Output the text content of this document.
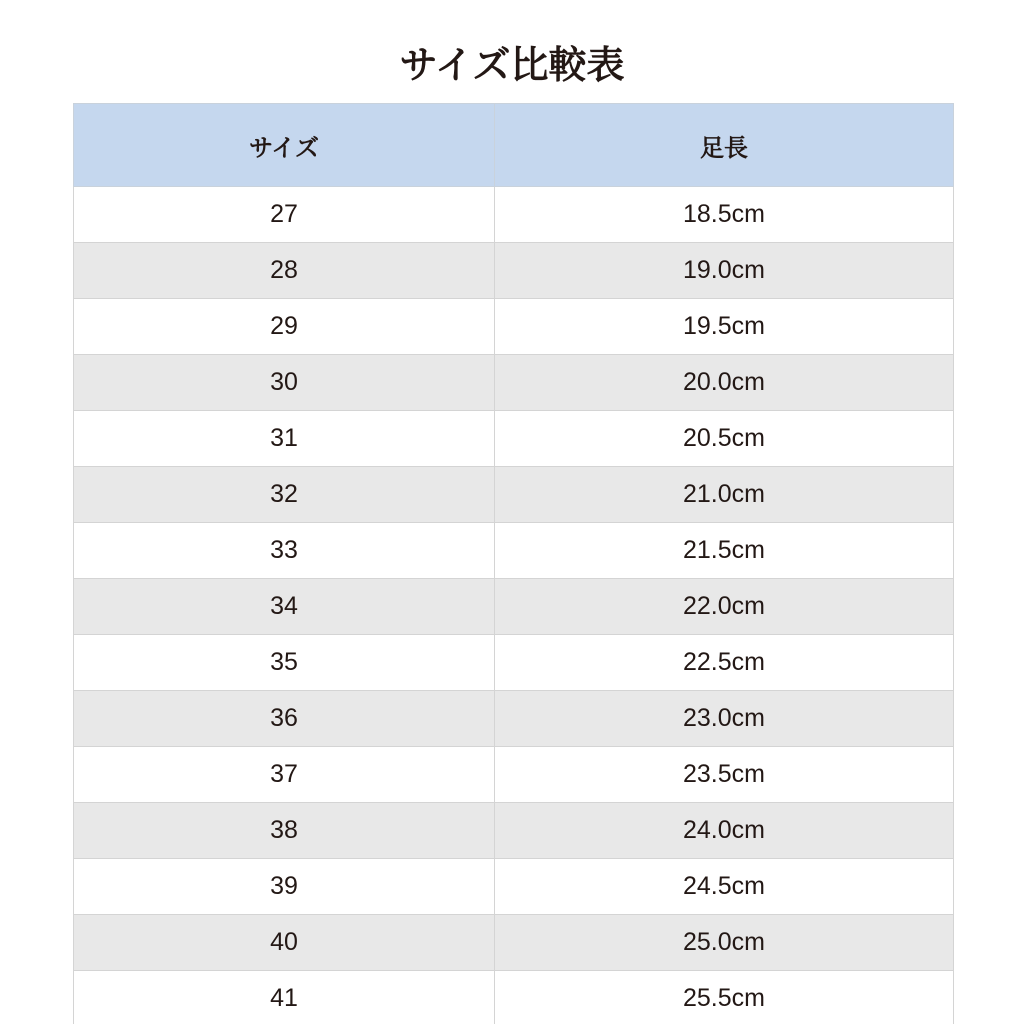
サイズ比較表
サイズ	足長
27	18.5cm
28	19.0cm
29	19.5cm
30	20.0cm
31	20.5cm
32	21.0cm
33	21.5cm
34	22.0cm
35	22.5cm
36	23.0cm
37	23.5cm
38	24.0cm
39	24.5cm
40	25.0cm
41	25.5cm
